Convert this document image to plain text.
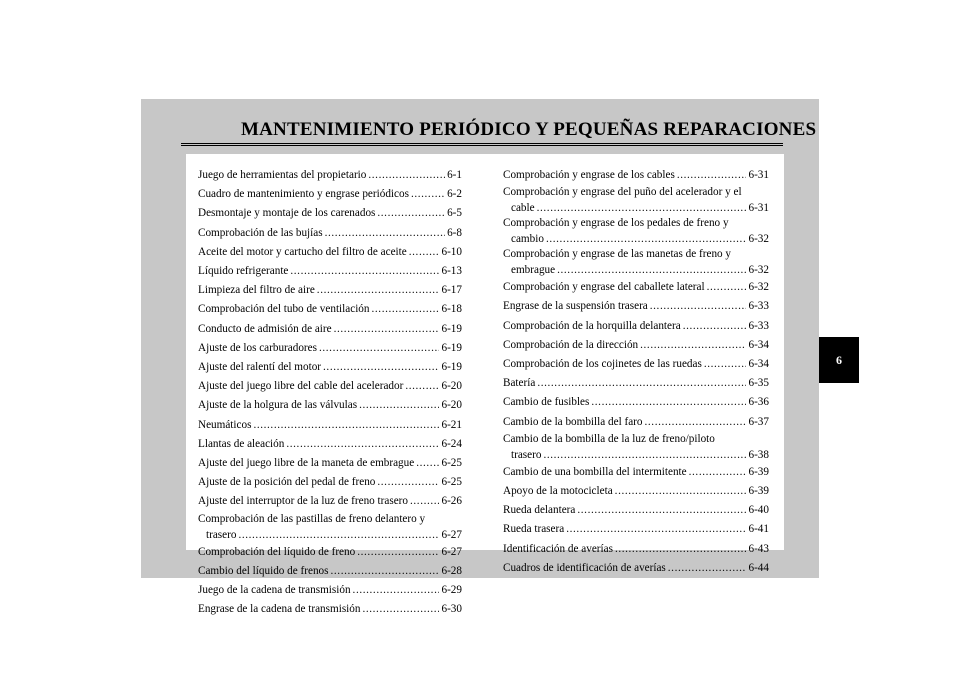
MANTENIMIENTO PERIÓDICO Y PEQUEÑAS REPARACIONES
Juego de herramientas del propietario .....	6-1
Cuadro de mantenimiento y engrase periódicos .....	6-2
Desmontaje y montaje de los carenados .....	6-5
Comprobación de las bujías .....	6-8
Aceite del motor y cartucho del filtro de aceite .....	6-10
Líquido refrigerante .....	6-13
Limpieza del filtro de aire .....	6-17
Comprobación del tubo de ventilación .....	6-18
Conducto de admisión de aire .....	6-19
Ajuste de los carburadores .....	6-19
Ajuste del ralentí del motor .....	6-19
Ajuste del juego libre del cable del acelerador .....	6-20
Ajuste de la holgura de las válvulas .....	6-20
Neumáticos .....	6-21
Llantas de aleación .....	6-24
Ajuste del juego libre de la maneta de embrague ..... 6-25
Ajuste de la posición del pedal de freno .....	6-25
Ajuste del interruptor de la luz de freno trasero .....	6-26
Comprobación de las pastillas de freno delantero y
trasero .....	6-27
Comprobación del líquido de freno .....	6-27
Cambio del líquido de frenos .....	6-28
Juego de la cadena de transmisión .....	6-29
Engrase de la cadena de transmisión .....	6-30
Comprobación y engrase de los cables .....	6-31
Comprobación y engrase del puño del acelerador y el
cable .....	6-31
Comprobación y engrase de los pedales de freno y
cambio .....	6-32
Comprobación y engrase de las manetas de freno y
embrague .....	6-32
Comprobación y engrase del caballete lateral .....	6-32
Engrase de la suspensión trasera .....	6-33
Comprobación de la horquilla delantera .....	6-33
Comprobación de la dirección .....	6-34
Comprobación de los cojinetes de las ruedas .....	6-34
Batería .....	6-35
Cambio de fusibles .....	6-36
Cambio de la bombilla del faro .....	6-37
Cambio de la bombilla de la luz de freno/piloto
trasero .....	6-38
Cambio de una bombilla del intermitente .....	6-39
Apoyo de la motocicleta .....	6-39
Rueda delantera .....	6-40
Rueda trasera .....	6-41
Identificación de averías .....	6-43
Cuadros de identificación de averías .....	6-44
6
